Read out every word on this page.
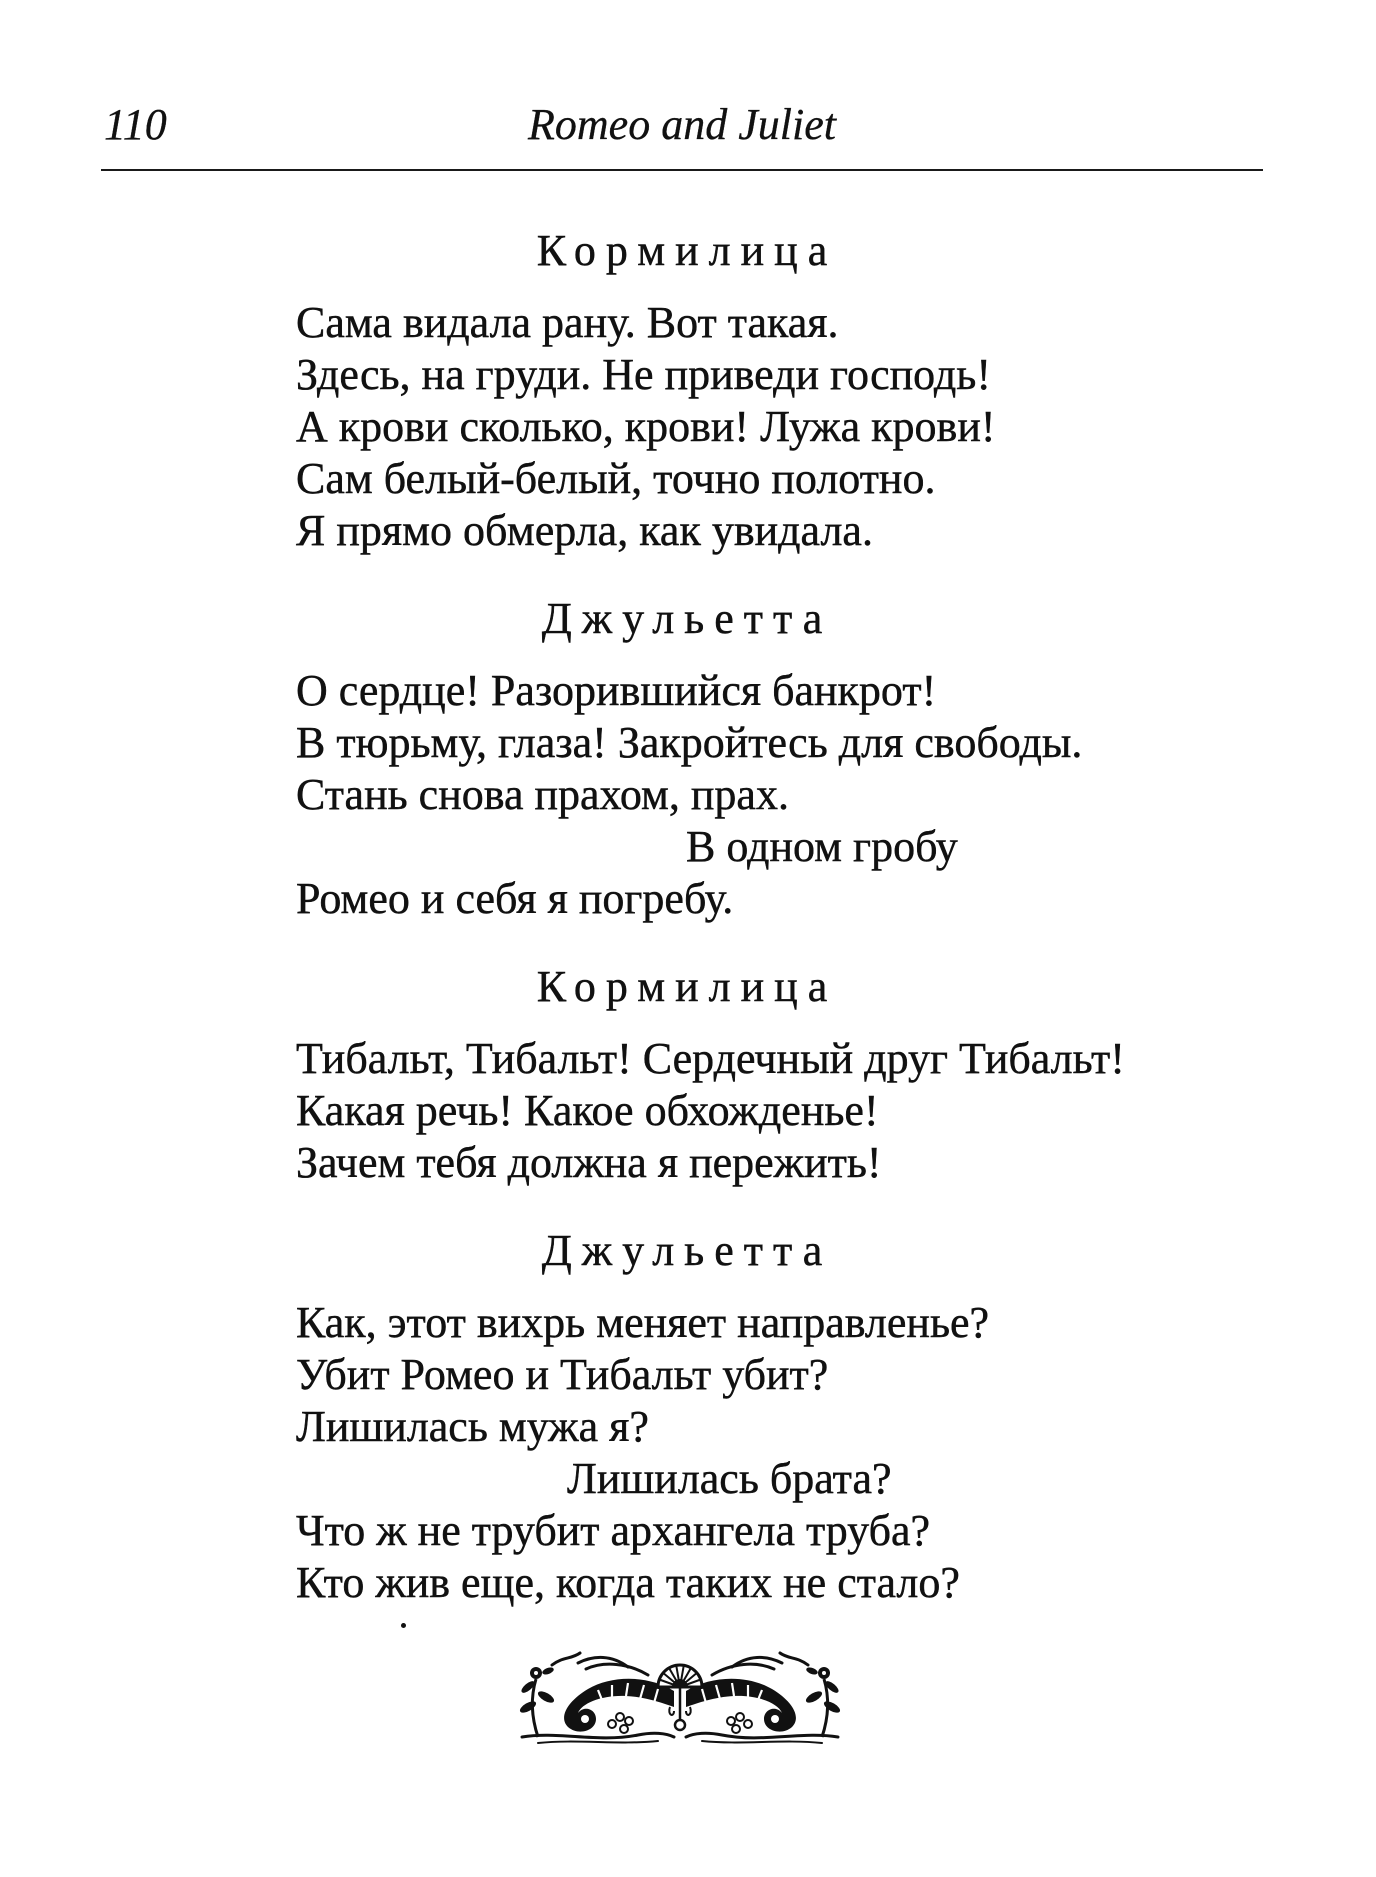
110	Romeo and Juliet
Кормилица
Сама видала рану. Вот такая.
Здесь, на груди. Не приведи господь!
А крови сколько, крови! Лужа крови!
Сам белый-белый, точно полотно.
Я прямо обмерла, как увидала.
Джульетта
О сердце! Разорившийся банкрот!
В тюрьму, глаза! Закройтесь для свободы.
Стань снова прахом, прах.
В одном гробу
Ромео и себя я погребу.
Кормилица
Тибальт, Тибальт! Сердечный друг Тибальт!
Какая речь! Какое обхожденье!
Зачем тебя должна я пережить!
Джульетта
Как, этот вихрь меняет направленье?
Убит Ромео и Тибальт убит?
Лишилась мужа я?
Лишилась брата?
Что ж не трубит архангела труба?
Кто жив еще, когда таких не стало?
